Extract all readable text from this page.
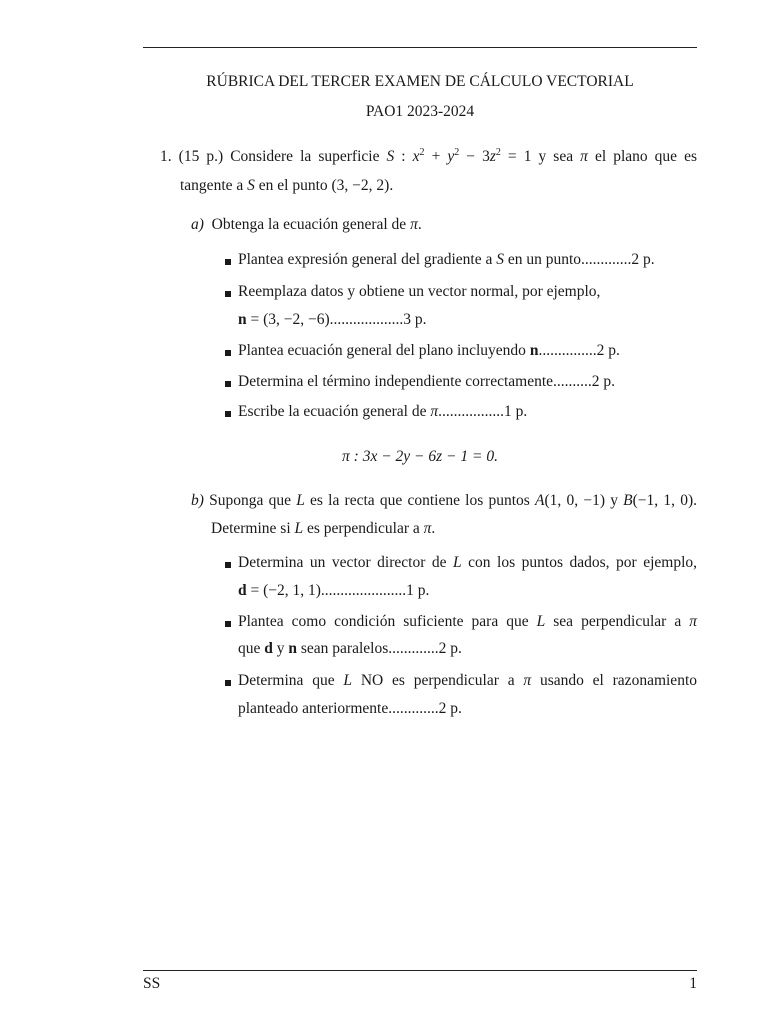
RÚBRICA DEL TERCER EXAMEN DE CÁLCULO VECTORIAL
PAO1 2023-2024
1. (15 p.) Considere la superficie S : $x^2 + y^2 - 3z^2 = 1$ y sea π el plano que es
tangente a S en el punto (3, −2, 2).
a) Obtenga la ecuación general de π.
Plantea expresión general del gradiente a S en un punto.............2 p.
Reemplaza datos y obtiene un vector normal, por ejemplo,
n = (3, −2, −6)...................3 p.
Plantea ecuación general del plano incluyendo n...............2 p.
Determina el término independiente correctamente..........2 p.
Escribe la ecuación general de π.................1 p.
π : 3x − 2y − 6z − 1 = 0.
b) Suponga que L es la recta que contiene los puntos A(1, 0, −1) y B(−1, 1, 0).
Determine si L es perpendicular a π.
Determina un vector director de L con los puntos dados, por ejemplo,
d = (−2, 1, 1)......................1 p.
Plantea como condición suficiente para que L sea perpendicular a π
que d y n sean paralelos.............2 p.
Determina que L NO es perpendicular a π usando el razonamiento
planteado anteriormente.............2 p.
SS	1
